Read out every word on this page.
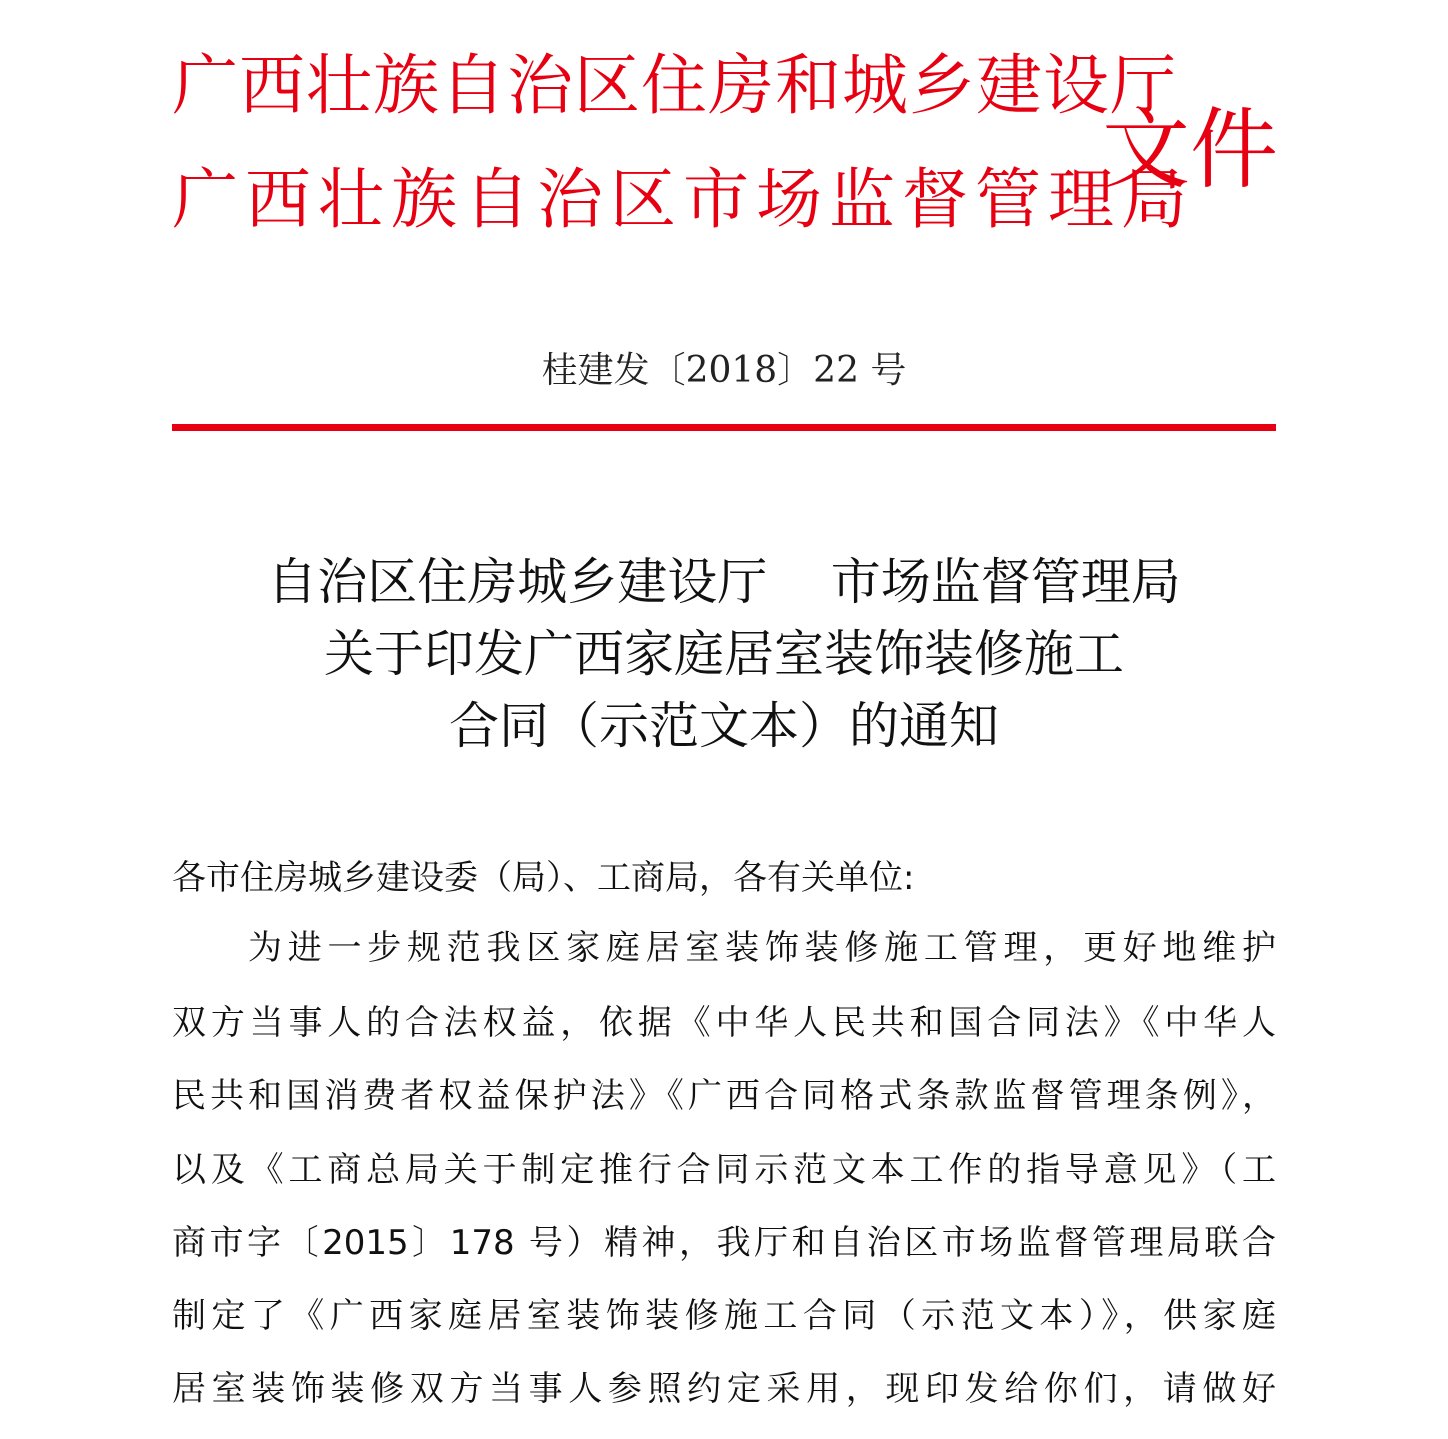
广西壮族自治区住房和城乡建设厅
广西壮族自治区市场监督管理局
文件
桂建发〔2018〕22 号
自治区住房城乡建设厅    市场监督管理局
关于印发广西家庭居室装饰装修施工
合同（示范文本）的通知
各市住房城乡建设委（局）、工商局，各有关单位:
为进一步规范我区家庭居室装饰装修施工管理，更好地维护
双方当事人的合法权益，依据《中华人民共和国合同法》《中华人
民共和国消费者权益保护法》《广西合同格式条款监督管理条例》，
以及《工商总局关于制定推行合同示范文本工作的指导意见》（工
商市字〔2015〕178 号）精神，我厅和自治区市场监督管理局联合
制定了《广西家庭居室装饰装修施工合同（示范文本）》，供家庭
居室装饰装修双方当事人参照约定采用，现印发给你们，请做好
